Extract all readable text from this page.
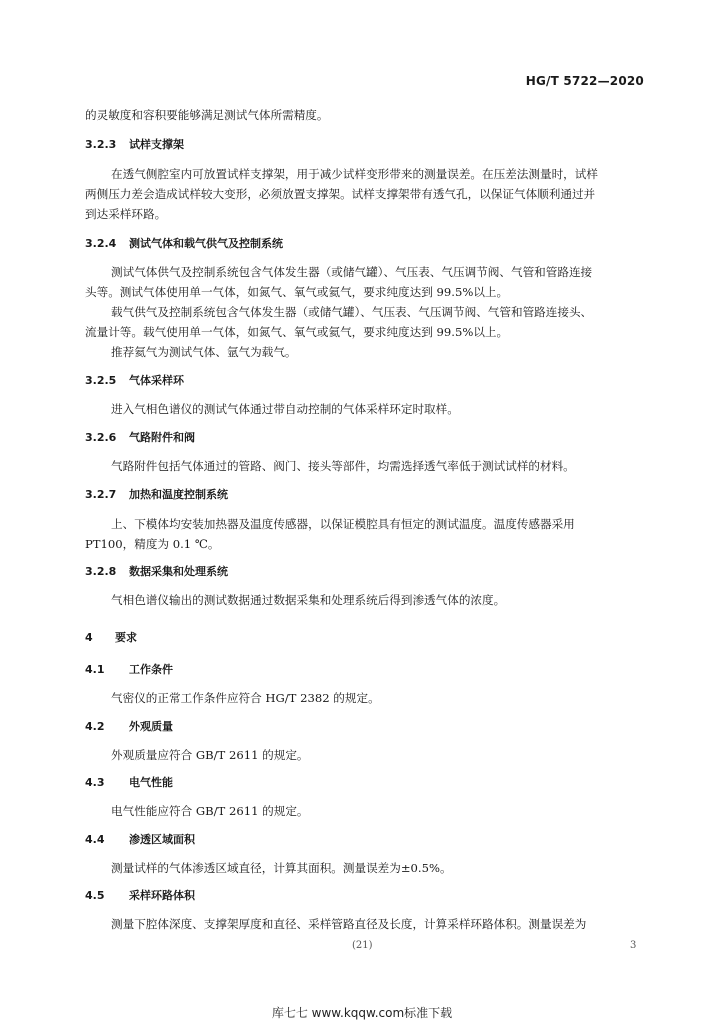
HG/T 5722—2020
的灵敏度和容积要能够满足测试气体所需精度。
3.2.3 试样支撑架
在透气侧腔室内可放置试样支撑架，用于减少试样变形带来的测量误差。在压差法测量时，试样
两侧压力差会造成试样较大变形，必须放置支撑架。试样支撑架带有透气孔，以保证气体顺利通过并
到达采样环路。
3.2.4 测试气体和载气供气及控制系统
测试气体供气及控制系统包含气体发生器（或储气罐）、气压表、气压调节阀、气管和管路连接
头等。测试气体使用单一气体，如氮气、氧气或氦气，要求纯度达到 99.5%以上。
载气供气及控制系统包含气体发生器（或储气罐）、气压表、气压调节阀、气管和管路连接头、
流量计等。载气使用单一气体，如氮气、氧气或氦气，要求纯度达到 99.5%以上。
推荐氦气为测试气体、氩气为载气。
3.2.5 气体采样环
进入气相色谱仪的测试气体通过带自动控制的气体采样环定时取样。
3.2.6 气路附件和阀
气路附件包括气体通过的管路、阀门、接头等部件，均需选择透气率低于测试试样的材料。
3.2.7 加热和温度控制系统
上、下模体均安装加热器及温度传感器，以保证模腔具有恒定的测试温度。温度传感器采用
PT100，精度为 0.1 ℃。
3.2.8 数据采集和处理系统
气相色谱仪输出的测试数据通过数据采集和处理系统后得到渗透气体的浓度。
4 要求
4.1 工作条件
气密仪的正常工作条件应符合 HG/T 2382 的规定。
4.2 外观质量
外观质量应符合 GB/T 2611 的规定。
4.3 电气性能
电气性能应符合 GB/T 2611 的规定。
4.4 渗透区域面积
测量试样的气体渗透区域直径，计算其面积。测量误差为±0.5%。
4.5 采样环路体积
测量下腔体深度、支撑架厚度和直径、采样管路直径及长度，计算采样环路体积。测量误差为
(21)	3
库七七 www.kqqw.com标准下载
